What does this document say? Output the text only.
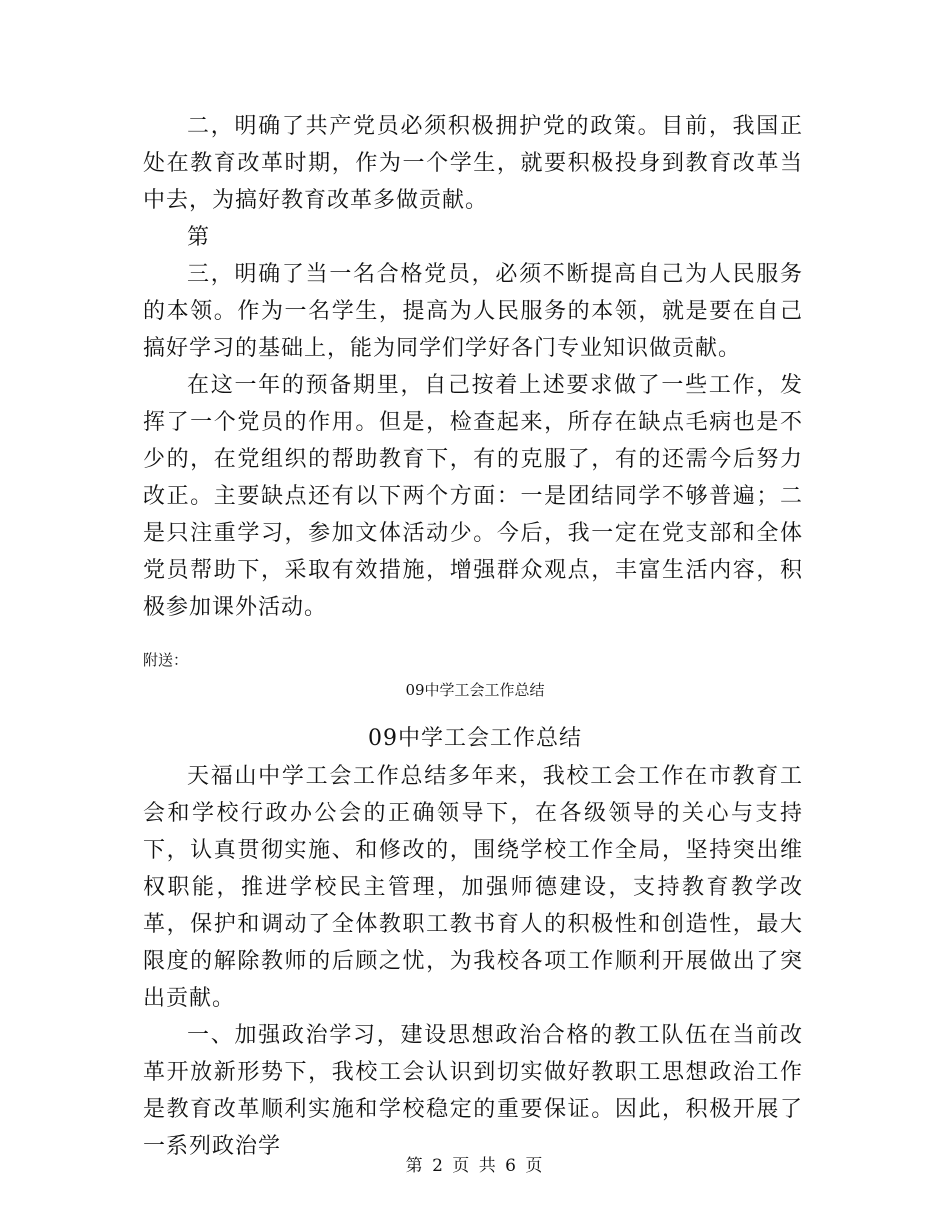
二，明确了共产党员必须积极拥护党的政策。目前，我国正处在教育改革时期，作为一个学生，就要积极投身到教育改革当中去，为搞好教育改革多做贡献。

第

三，明确了当一名合格党员，必须不断提高自己为人民服务的本领。作为一名学生，提高为人民服务的本领，就是要在自己搞好学习的基础上，能为同学们学好各门专业知识做贡献。

在这一年的预备期里，自己按着上述要求做了一些工作，发挥了一个党员的作用。但是，检查起来，所存在缺点毛病也是不少的，在党组织的帮助教育下，有的克服了，有的还需今后努力改正。主要缺点还有以下两个方面：一是团结同学不够普遍；二是只注重学习，参加文体活动少。今后，我一定在党支部和全体党员帮助下，采取有效措施，增强群众观点，丰富生活内容，积极参加课外活动。

附送：

09中学工会工作总结

09中学工会工作总结

天福山中学工会工作总结多年来，我校工会工作在市教育工会和学校行政办公会的正确领导下，在各级领导的关心与支持下，认真贯彻实施、和修改的，围绕学校工作全局，坚持突出维权职能，推进学校民主管理，加强师德建设，支持教育教学改革，保护和调动了全体教职工教书育人的积极性和创造性，最大限度的解除教师的后顾之忧，为我校各项工作顺利开展做出了突出贡献。

一、加强政治学习，建设思想政治合格的教工队伍在当前改革开放新形势下，我校工会认识到切实做好教职工思想政治工作是教育改革顺利实施和学校稳定的重要保证。因此，积极开展了一系列政治学

第 2 页 共 6 页
